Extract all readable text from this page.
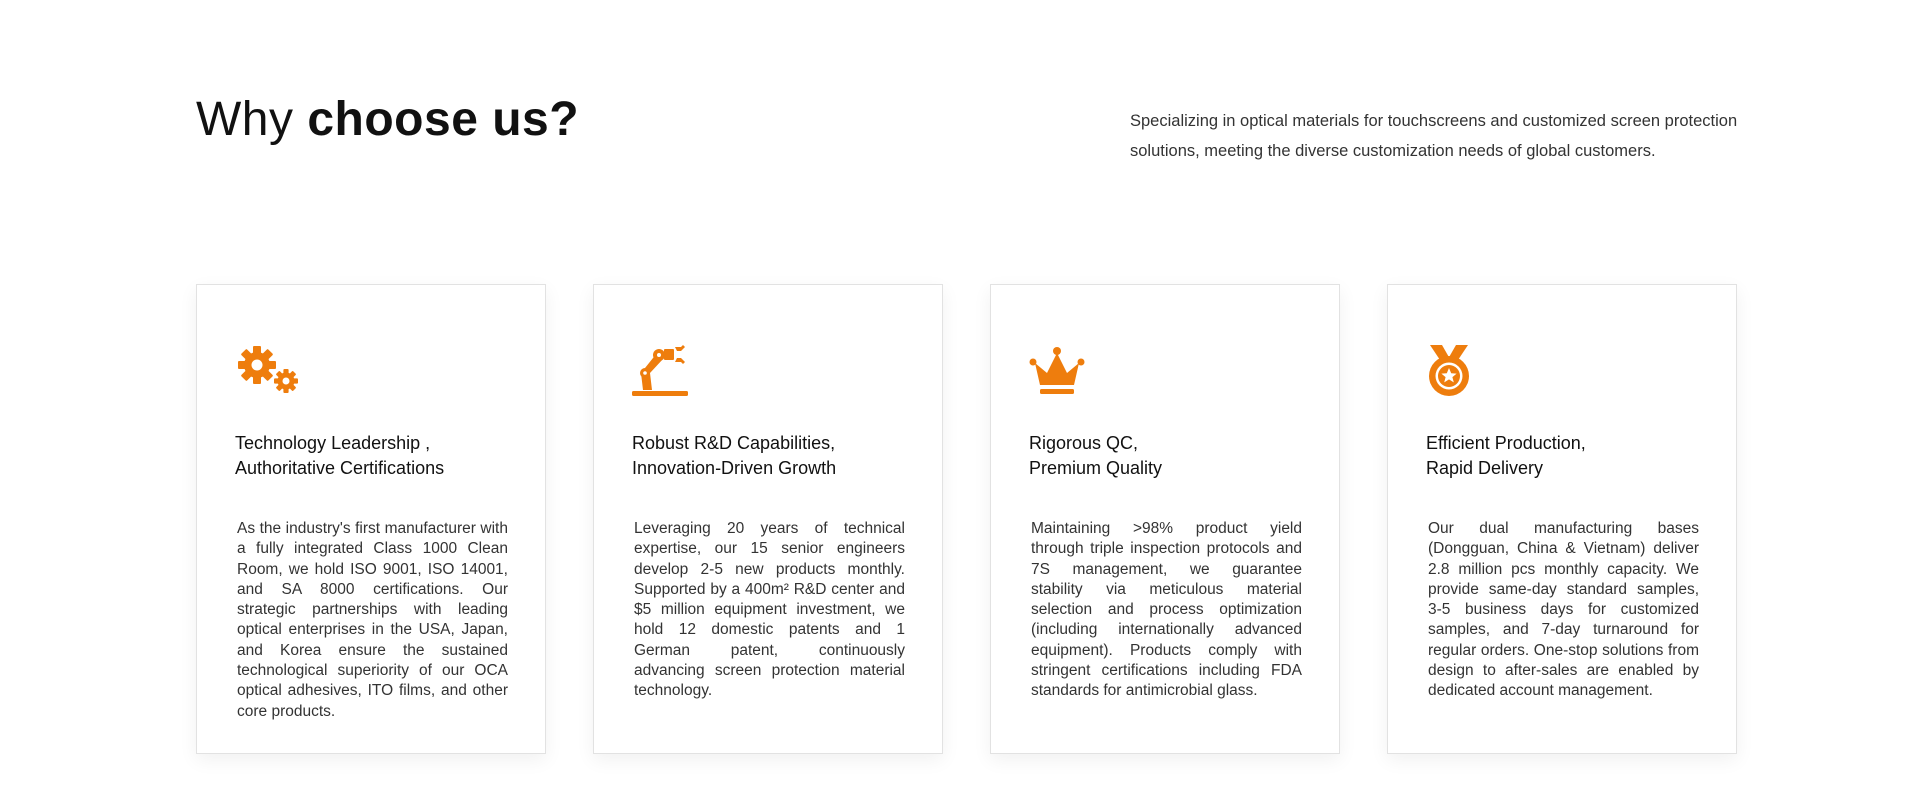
Why choose us?	Specializing in optical materials for touchscreens and customized screen protection solutions, meeting the diverse customization needs of global customers.

Technology Leadership ,
Authoritative Certifications

As the industry's first manufacturer with a fully integrated Class 1000 Clean Room, we hold ISO 9001, ISO 14001, and SA 8000 certifications. Our strategic partnerships with leading optical enterprises in the USA, Japan, and Korea ensure the sustained technological superiority of our OCA optical adhesives, ITO films, and other core products.

Robust R&D Capabilities,
Innovation-Driven Growth

Leveraging 20 years of technical expertise, our 15 senior engineers develop 2-5 new products monthly. Supported by a 400m² R&D center and $5 million equipment investment, we hold 12 domestic patents and 1 German patent, continuously advancing screen protection material technology.

Rigorous QC,
Premium Quality

Maintaining >98% product yield through triple inspection protocols and 7S management, we guarantee stability via meticulous material selection and process optimization (including internationally advanced equipment). Products comply with stringent certifications including FDA standards for antimicrobial glass.

Efficient Production,
Rapid Delivery

Our dual manufacturing bases (Dongguan, China & Vietnam) deliver 2.8 million pcs monthly capacity. We provide same-day standard samples, 3-5 business days for customized samples, and 7-day turnaround for regular orders. One-stop solutions from design to after-sales are enabled by dedicated account management.
